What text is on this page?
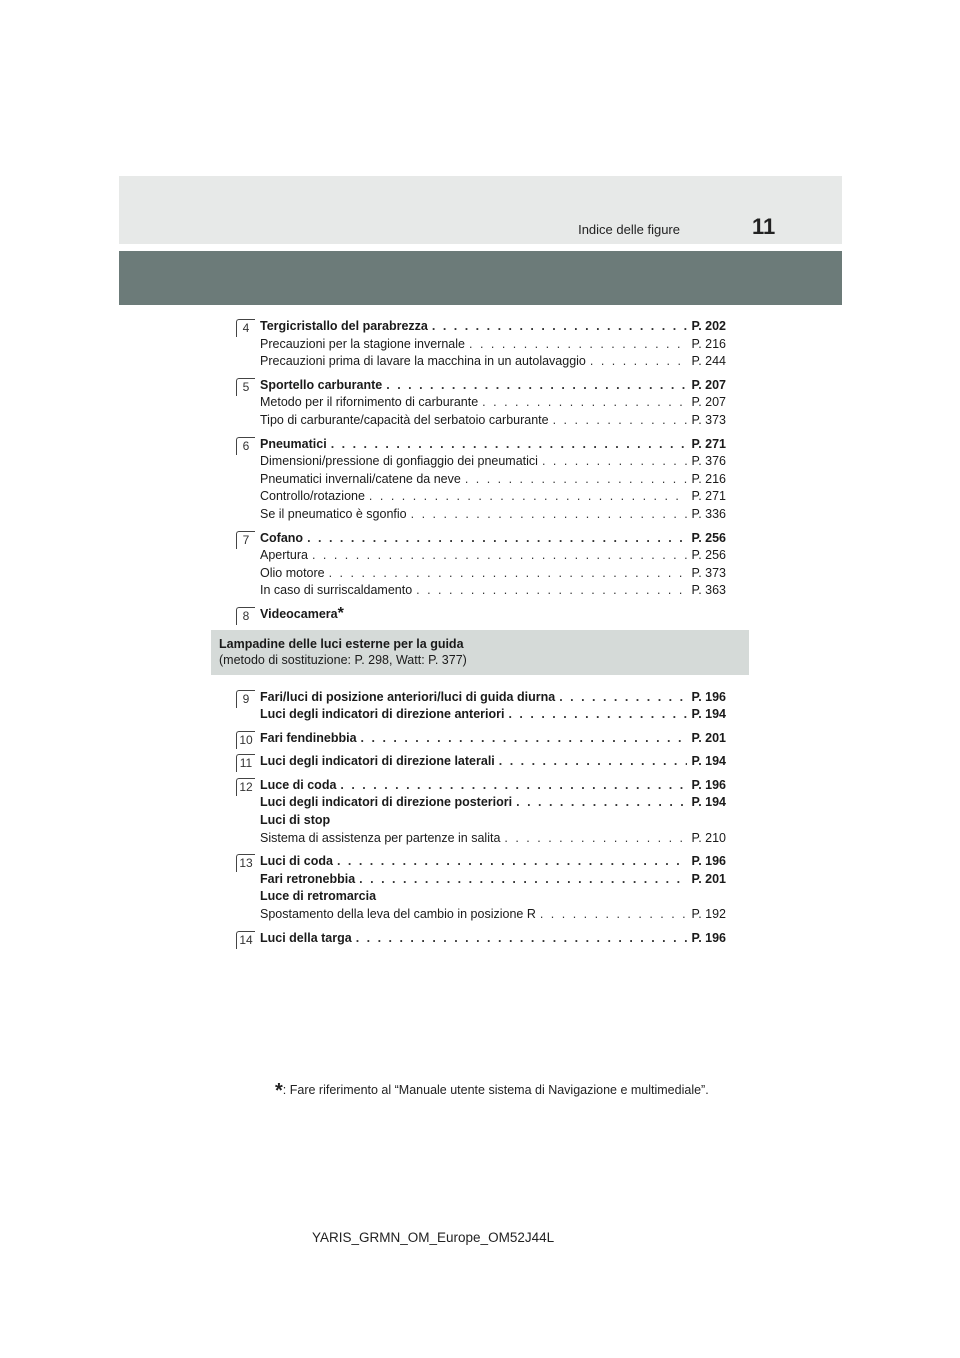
Indice delle figure	11
4 Tergicristallo del parabrezza . . .	P. 202
Precauzioni per la stagione invernale . . .	P. 216
Precauzioni prima di lavare la macchina in un autolavaggio . . .	P. 244
5 Sportello carburante . . .	P. 207
Metodo per il rifornimento di carburante . . .	P. 207
Tipo di carburante/capacità del serbatoio carburante . . .	P. 373
6 Pneumatici . . .	P. 271
Dimensioni/pressione di gonfiaggio dei pneumatici . . .	P. 376
Pneumatici invernali/catene da neve . . .	P. 216
Controllo/rotazione . . .	P. 271
Se il pneumatico è sgonfio . . .	P. 336
7 Cofano . . .	P. 256
Apertura . . .	P. 256
Olio motore . . .	P. 373
In caso di surriscaldamento . . .	P. 363
8 Videocamera *
Lampadine delle luci esterne per la guida
(metodo di sostituzione: P. 298, Watt: P. 377)
9 Fari/luci di posizione anteriori/luci di guida diurna . . .	P. 196
Luci degli indicatori di direzione anteriori . . .	P. 194
10 Fari fendinebbia . . .	P. 201
11 Luci degli indicatori di direzione laterali . . .	P. 194
12 Luce di coda . . .	P. 196
Luci degli indicatori di direzione posteriori . . .	P. 194
Luci di stop
Sistema di assistenza per partenze in salita . . .	P. 210
13 Luci di coda . . .	P. 196
Fari retronebbia . . .	P. 201
Luce di retromarcia
Spostamento della leva del cambio in posizione R . . .	P. 192
14 Luci della targa . . .	P. 196
*: Fare riferimento al “Manuale utente sistema di Navigazione e multimediale”.
YARIS_GRMN_OM_Europe_OM52J44L
